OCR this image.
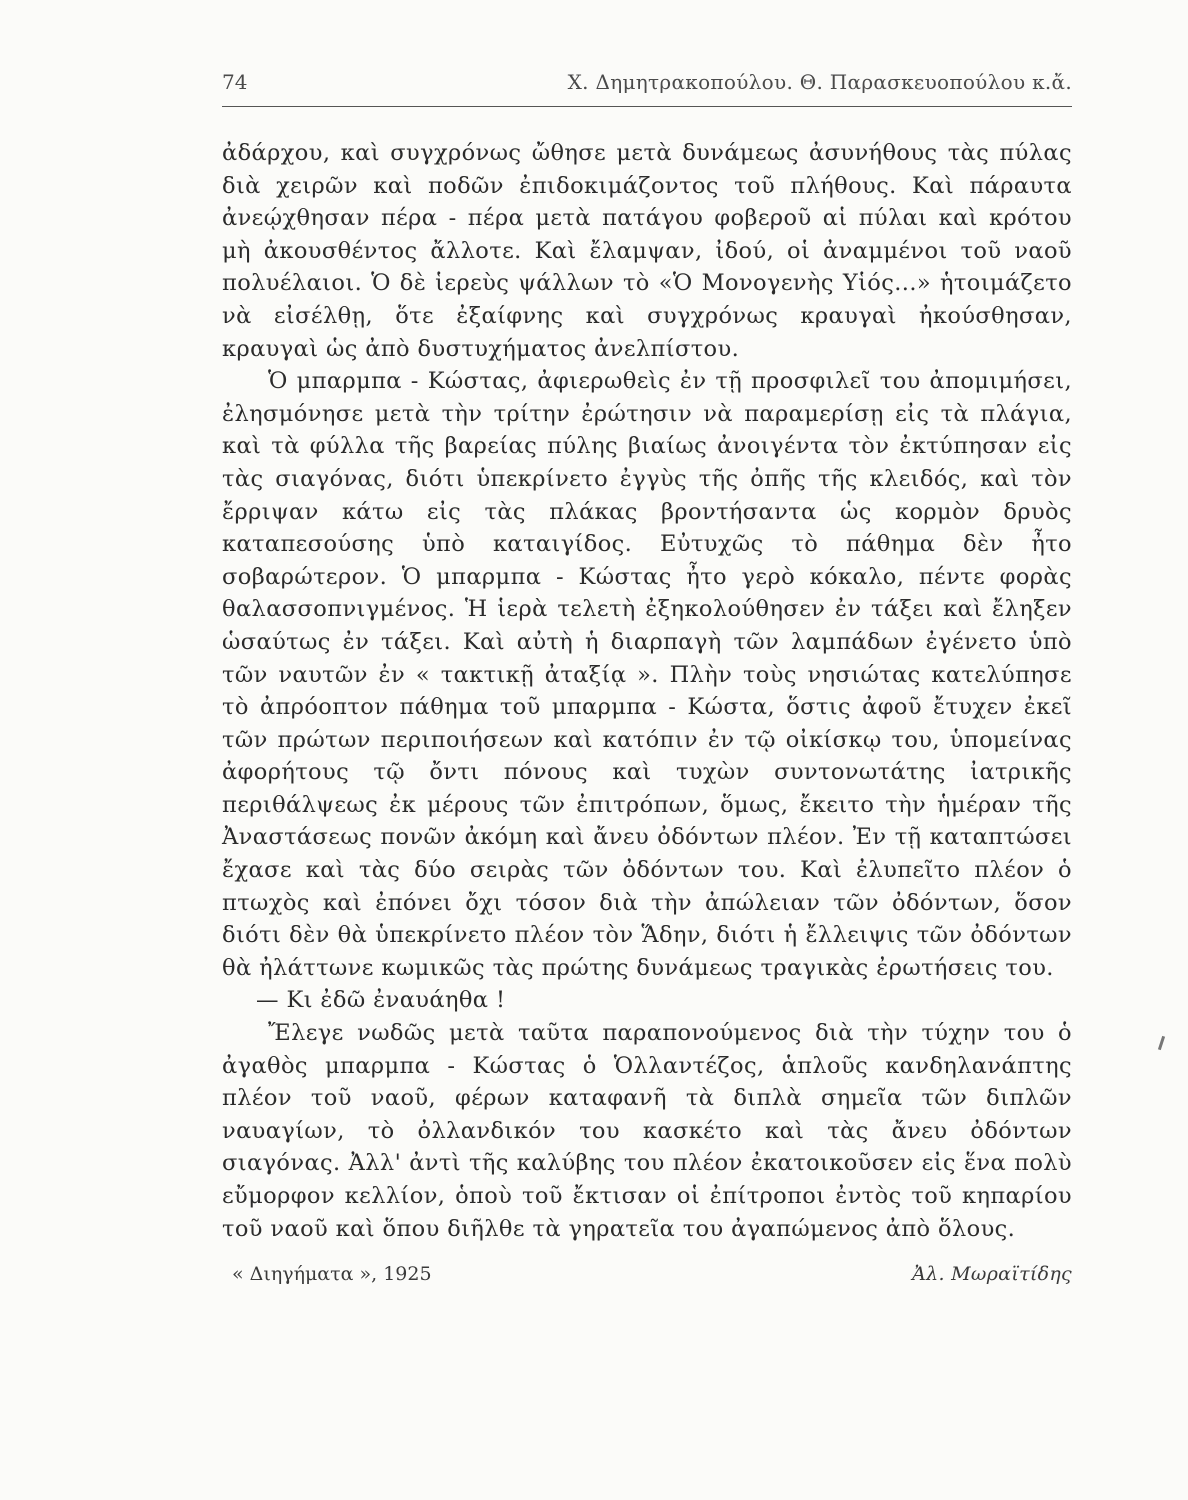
74	Χ. Δημητρακοπούλου. Θ. Παρασκευοπούλου κ.ἄ.

ἀδάρχου, καὶ συγχρόνως ὤθησε μετὰ δυνάμεως ἀσυνήθους τὰς πύλας διὰ χειρῶν καὶ ποδῶν ἐπιδοκιμάζοντος τοῦ πλήθους. Καὶ πάραυτα ἀνεῴχθησαν πέρα - πέρα μετὰ πατάγου φοβεροῦ αἱ πύλαι καὶ κρότου μὴ ἀκουσθέντος ἄλλοτε. Καὶ ἔλαμψαν, ἰδού, οἱ ἀναμμένοι τοῦ ναοῦ πολυέλαιοι. Ὁ δὲ ἱερεὺς ψάλλων τὸ «Ὁ Μονογενὴς Υἱός...» ἡτοιμάζετο νὰ εἰσέλθῃ, ὅτε ἐξαίφνης καὶ συγχρόνως κραυγαὶ ἠκούσθησαν, κραυγαὶ ὡς ἀπὸ δυστυχήματος ἀνελπίστου.

Ὁ μπαρμπα - Κώστας, ἀφιερωθεὶς ἐν τῇ προσφιλεῖ του ἀπομιμήσει, ἐλησμόνησε μετὰ τὴν τρίτην ἐρώτησιν νὰ παραμερίσῃ εἰς τὰ πλάγια, καὶ τὰ φύλλα τῆς βαρείας πύλης βιαίως ἀνοιγέντα τὸν ἐκτύπησαν εἰς τὰς σιαγόνας, διότι ὑπεκρίνετο ἐγγὺς τῆς ὀπῆς τῆς κλειδός, καὶ τὸν ἔρριψαν κάτω εἰς τὰς πλάκας βροντήσαντα ὡς κορμὸν δρυὸς καταπεσούσης ὑπὸ καταιγίδος. Εὐτυχῶς τὸ πάθημα δὲν ἦτο σοβαρώτερον. Ὁ μπαρμπα - Κώστας ἦτο γερὸ κόκαλο, πέντε φορὰς θαλασσοπνιγμένος. Ἡ ἱερὰ τελετὴ ἐξηκολούθησεν ἐν τάξει καὶ ἔληξεν ὡσαύτως ἐν τάξει. Καὶ αὐτὴ ἡ διαρπαγὴ τῶν λαμπάδων ἐγένετο ὑπὸ τῶν ναυτῶν ἐν « τακτικῇ ἀταξίᾳ ». Πλὴν τοὺς νησιώτας κατελύπησε τὸ ἀπρόοπτον πάθημα τοῦ μπαρμπα - Κώστα, ὅστις ἀφοῦ ἔτυχεν ἐκεῖ τῶν πρώτων περιποιήσεων καὶ κατόπιν ἐν τῷ οἰκίσκῳ του, ὑπομείνας ἀφορήτους τῷ ὄντι πόνους καὶ τυχὼν συντονωτάτης ἰατρικῆς περιθάλψεως ἐκ μέρους τῶν ἐπιτρόπων, ὅμως, ἔκειτο τὴν ἡμέραν τῆς Ἀναστάσεως πονῶν ἀκόμη καὶ ἄνευ ὀδόντων πλέον. Ἐν τῇ καταπτώσει ἔχασε καὶ τὰς δύο σειρὰς τῶν ὀδόντων του. Καὶ ἐλυπεῖτο πλέον ὁ πτωχὸς καὶ ἐπόνει ὄχι τόσον διὰ τὴν ἀπώλειαν τῶν ὀδόντων, ὅσον διότι δὲν θὰ ὑπεκρίνετο πλέον τὸν Ἅδην, διότι ἡ ἔλλειψις τῶν ὀδόντων θὰ ἠλάττωνε κωμικῶς τὰς πρώτης δυνάμεως τραγικὰς ἐρωτήσεις του.

— Κι ἐδῶ ἐναυάηθα !

Ἔλεγε νωδῶς μετὰ ταῦτα παραπονούμενος διὰ τὴν τύχην του ὁ ἀγαθὸς μπαρμπα - Κώστας ὁ Ὁλλαντέζος, ἁπλοῦς κανδηλανάπτης πλέον τοῦ ναοῦ, φέρων καταφανῆ τὰ διπλὰ σημεῖα τῶν διπλῶν ναυαγίων, τὸ ὀλλανδικόν του κασκέτο καὶ τὰς ἄνευ ὀδόντων σιαγόνας. Ἀλλ' ἀντὶ τῆς καλύβης του πλέον ἐκατοικοῦσεν εἰς ἕνα πολὺ εὔμορφον κελλίον, ὁποὺ τοῦ ἔκτισαν οἱ ἐπίτροποι ἐντὸς τοῦ κηπαρίου τοῦ ναοῦ καὶ ὅπου διῆλθε τὰ γηρατεῖα του ἀγαπώμενος ἀπὸ ὅλους.

« Διηγήματα », 1925	Ἀλ. Μωραϊτίδης
